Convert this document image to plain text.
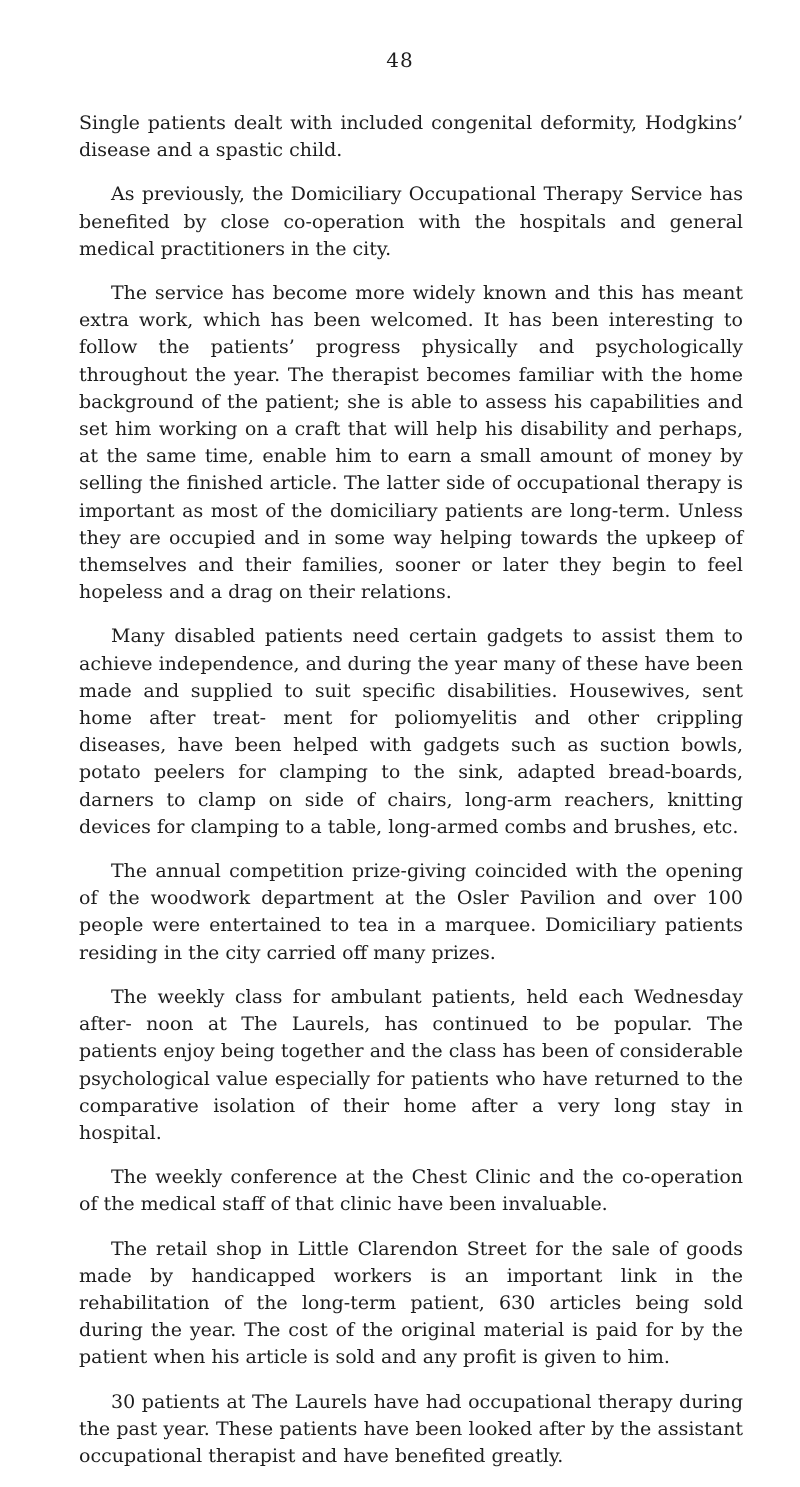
48

Single patients dealt with included congenital deformity, Hodgkins’ disease and a spastic child.

As previously, the Domiciliary Occupational Therapy Service has benefited by close co-operation with the hospitals and general medical practitioners in the city.

The service has become more widely known and this has meant extra work, which has been welcomed. It has been interesting to follow the patients’ progress physically and psychologically throughout the year. The therapist becomes familiar with the home background of the patient; she is able to assess his capabilities and set him working on a craft that will help his disability and perhaps, at the same time, enable him to earn a small amount of money by selling the finished article. The latter side of occupational therapy is important as most of the domiciliary patients are long-term. Unless they are occupied and in some way helping towards the upkeep of themselves and their families, sooner or later they begin to feel hopeless and a drag on their relations.

Many disabled patients need certain gadgets to assist them to achieve independence, and during the year many of these have been made and supplied to suit specific disabilities. Housewives, sent home after treat- ment for poliomyelitis and other crippling diseases, have been helped with gadgets such as suction bowls, potato peelers for clamping to the sink, adapted bread-boards, darners to clamp on side of chairs, long-arm reachers, knitting devices for clamping to a table, long-armed combs and brushes, etc.

The annual competition prize-giving coincided with the opening of the woodwork department at the Osler Pavilion and over 100 people were entertained to tea in a marquee. Domiciliary patients residing in the city carried off many prizes.

The weekly class for ambulant patients, held each Wednesday after- noon at The Laurels, has continued to be popular. The patients enjoy being together and the class has been of considerable psychological value especially for patients who have returned to the comparative isolation of their home after a very long stay in hospital.

The weekly conference at the Chest Clinic and the co-operation of the medical staff of that clinic have been invaluable.

The retail shop in Little Clarendon Street for the sale of goods made by handicapped workers is an important link in the rehabilitation of the long-term patient, 630 articles being sold during the year. The cost of the original material is paid for by the patient when his article is sold and any profit is given to him.

30 patients at The Laurels have had occupational therapy during the past year. These patients have been looked after by the assistant occupational therapist and have benefited greatly.
